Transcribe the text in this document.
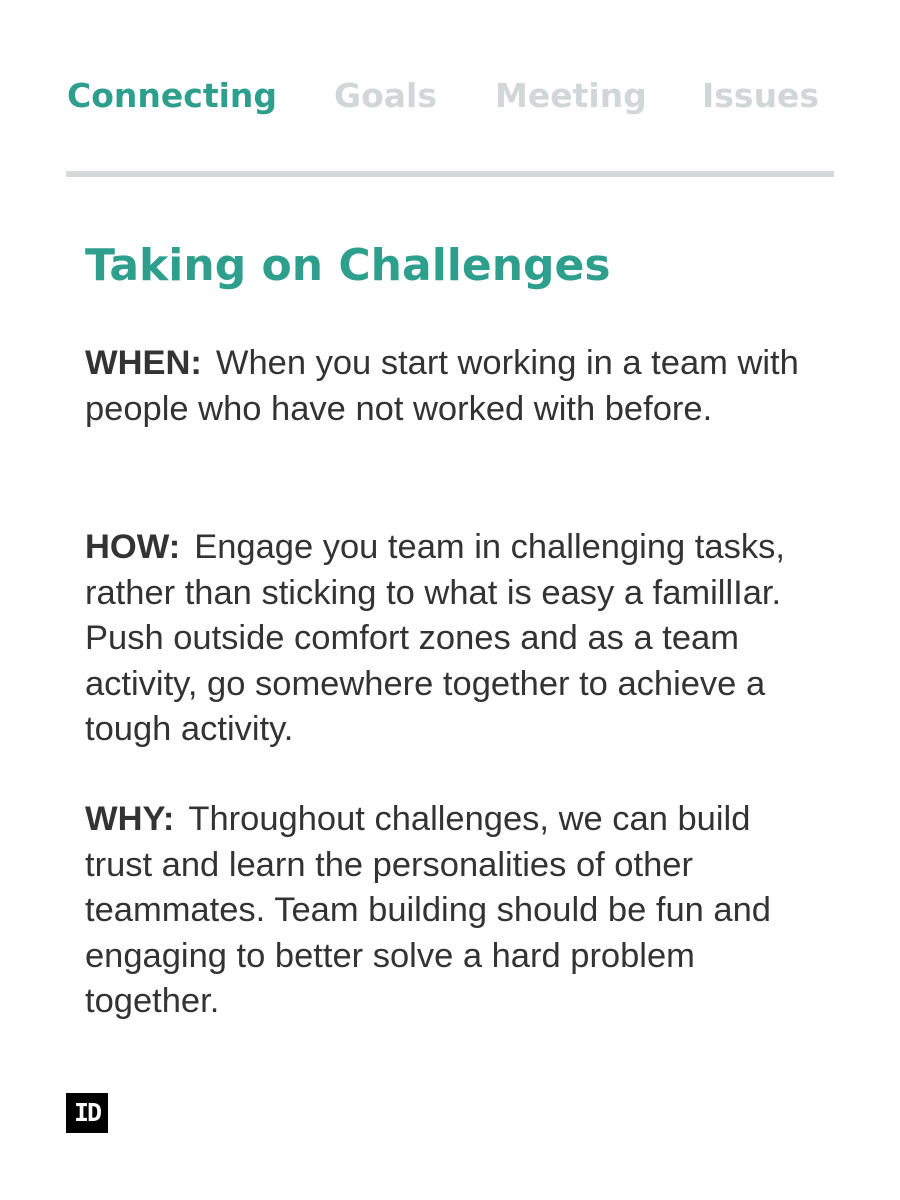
Connecting Goals Meeting Issues
Taking on Challenges

WHEN: When you start working in a team with people who have not worked with before.

HOW: Engage you team in challenging tasks, rather than sticking to what is easy a famillIar. Push outside comfort zones and as a team activity, go somewhere together to achieve a tough activity.

WHY: Throughout challenges, we can build trust and learn the personalities of other teammates. Team building should be fun and engaging to better solve a hard problem together.

ID
